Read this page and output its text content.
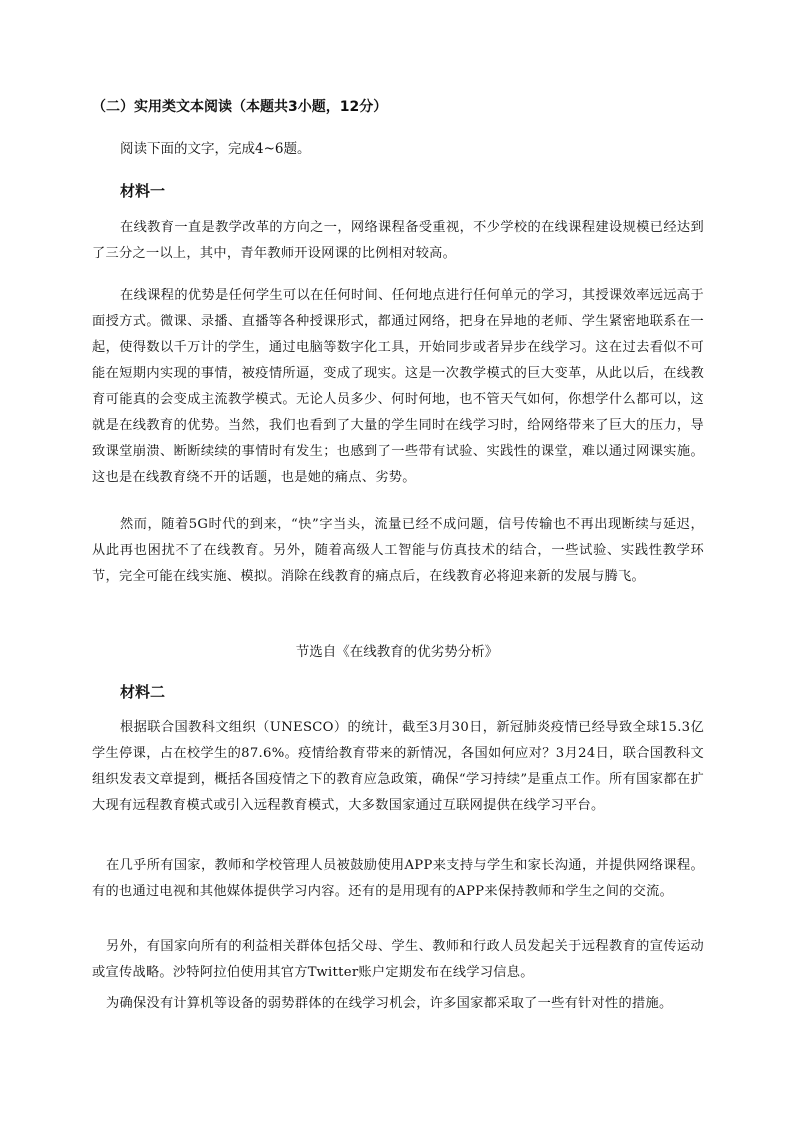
（二）实用类文本阅读（本题共3小题，12分）
阅读下面的文字，完成4~6题。
材料一

在线教育一直是教学改革的方向之一，网络课程备受重视，不少学校的在线课程建设规模已经达到了三分之一以上，其中，青年教师开设网课的比例相对较高。

在线课程的优势是任何学生可以在任何时间、任何地点进行任何单元的学习，其授课效率远远高于面授方式。微课、录播、直播等各种授课形式，都通过网络，把身在异地的老师、学生紧密地联系在一起，使得数以千万计的学生，通过电脑等数字化工具，开始同步或者异步在线学习。这在过去看似不可能在短期内实现的事情，被疫情所逼，变成了现实。这是一次教学模式的巨大变革，从此以后，在线教育可能真的会变成主流教学模式。无论人员多少、何时何地，也不管天气如何，你想学什么都可以，这就是在线教育的优势。当然，我们也看到了大量的学生同时在线学习时，给网络带来了巨大的压力，导致课堂崩溃、断断续续的事情时有发生；也感到了一些带有试验、实践性的课堂，难以通过网课实施。这也是在线教育绕不开的话题，也是她的痛点、劣势。

然而，随着5G时代的到来，“快”字当头，流量已经不成问题，信号传输也不再出现断续与延迟，从此再也困扰不了在线教育。另外，随着高级人工智能与仿真技术的结合，一些试验、实践性教学环节，完全可能在线实施、模拟。消除在线教育的痛点后，在线教育必将迎来新的发展与腾飞。

节选自《在线教育的优劣势分析》
材料二

根据联合国教科文组织（UNESCO）的统计，截至3月30日，新冠肺炎疫情已经导致全球15.3亿学生停课，占在校学生的87.6%。疫情给教育带来的新情况，各国如何应对？3月24日，联合国教科文组织发表文章提到，概括各国疫情之下的教育应急政策，确保“学习持续”是重点工作。所有国家都在扩大现有远程教育模式或引入远程教育模式，大多数国家通过互联网提供在线学习平台。

在几乎所有国家，教师和学校管理人员被鼓励使用APP来支持与学生和家长沟通，并提供网络课程。有的也通过电视和其他媒体提供学习内容。还有的是用现有的APP来保持教师和学生之间的交流。

另外，有国家向所有的利益相关群体包括父母、学生、教师和行政人员发起关于远程教育的宣传运动或宣传战略。沙特阿拉伯使用其官方Twitter账户定期发布在线学习信息。

为确保没有计算机等设备的弱势群体的在线学习机会，许多国家都采取了一些有针对性的措施。
